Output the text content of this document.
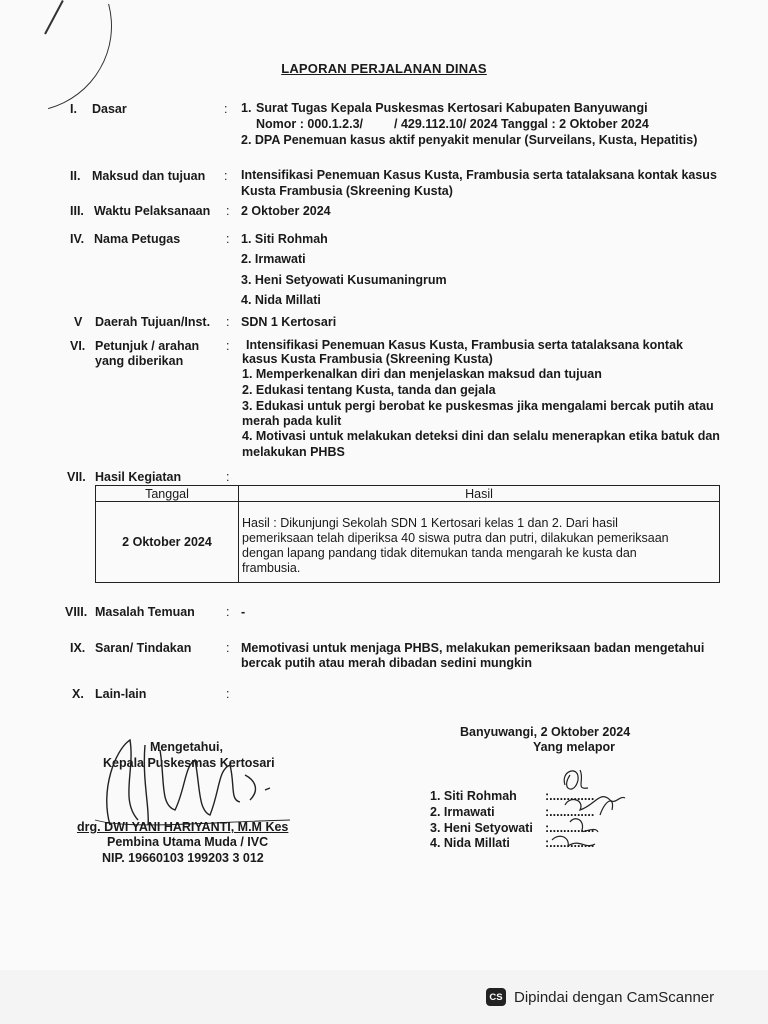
LAPORAN PERJALANAN DINAS
I. Dasar	: 1. Surat Tugas Kepala Puskesmas Kertosari Kabupaten Banyuwangi
Nomor : 000.1.2.3/ / 429.112.10/ 2024 Tanggal : 2 Oktober 2024
2. DPA Penemuan kasus aktif penyakit menular (Surveilans, Kusta, Hepatitis)
II. Maksud dan tujuan : Intensifikasi Penemuan Kasus Kusta, Frambusia serta tatalaksana kontak kasus
Kusta Frambusia (Skreening Kusta)
III. Waktu Pelaksanaan : 2 Oktober 2024
IV. Nama Petugas	: 1. Siti Rohmah
2. Irmawati
3. Heni Setyowati Kusumaningrum
4. Nida Millati
V Daerah Tujuan/Inst. : SDN 1 Kertosari
VI. Petunjuk / arahan
yang diberikan
: Intensifikasi Penemuan Kasus Kusta, Frambusia serta tatalaksana kontak
kasus Kusta Frambusia (Skreening Kusta)
1. Memperkenalkan diri dan menjelaskan maksud dan tujuan
2. Edukasi tentang Kusta, tanda dan gejala
3. Edukasi untuk pergi berobat ke puskesmas jika mengalami bercak putih atau
merah pada kulit
4. Motivasi untuk melakukan deteksi dini dan selalu menerapkan etika batuk dan
melakukan PHBS
VII. Hasil Kegiatan	:
Tanggal	Hasil
2 Oktober 2024	Hasil : Dikunjungi Sekolah SDN 1 Kertosari kelas 1 dan 2. Dari hasil
pemeriksaan telah diperiksa 40 siswa putra dan putri, dilakukan pemeriksaan
dengan lapang pandang tidak ditemukan tanda mengarah ke kusta dan
frambusia.
VIII. Masalah Temuan : -
IX. Saran/ Tindakan	: Memotivasi untuk menjaga PHBS, melakukan pemeriksaan badan mengetahui
bercak putih atau merah dibadan sedini mungkin
X. Lain-lain	:
Mengetahui,
Kepala Puskesmas Kertosari
drg. DWI YANI HARIYANTI, M.M Kes
Pembina Utama Muda / IVC
NIP. 19660103 199203 3 012
Banyuwangi, 2 Oktober 2024
Yang melapor
1. Siti Rohmah :.............
2. Irmawati	:.............
3. Heni Setyowati :.............
4. Nida Millati	:.............
CS Dipindai dengan CamScanner
